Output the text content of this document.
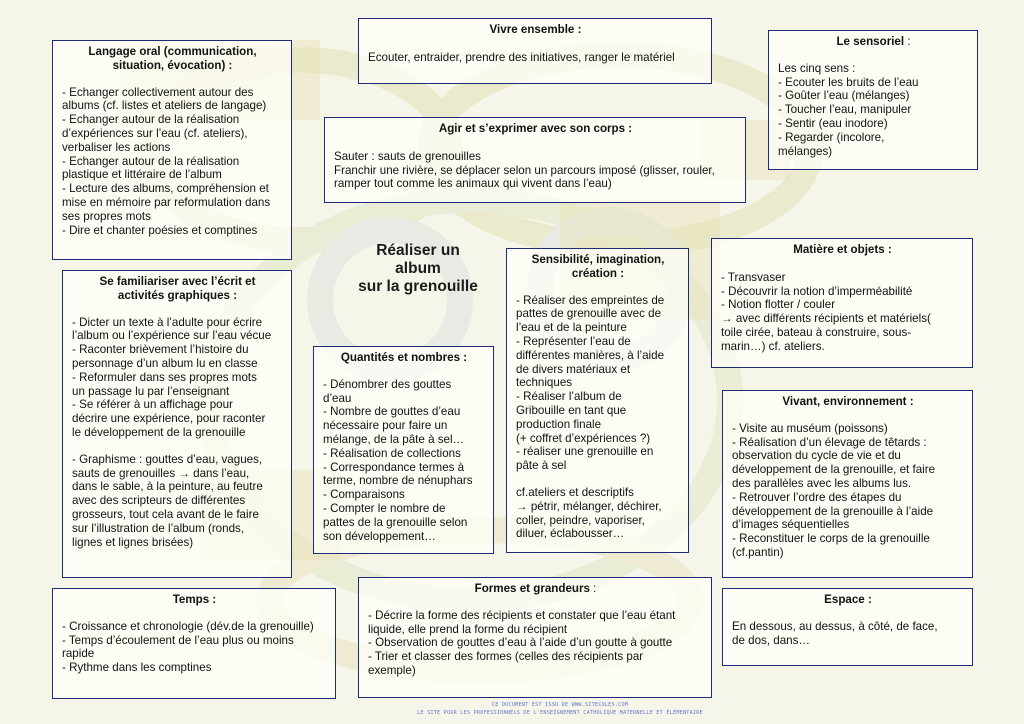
Langage oral (communication,
situation, évocation) :
- Echanger collectivement autour des
albums (cf. listes et ateliers de langage)
- Echanger autour de la réalisation
d’expériences sur l’eau (cf. ateliers),
verbaliser les actions
- Echanger autour de la réalisation
plastique et littéraire de l’album
- Lecture des albums, compréhension et
mise en mémoire par reformulation dans
ses propres mots
- Dire et chanter poésies et comptines
Vivre ensemble :
Ecouter, entraider, prendre des initiatives, ranger le matériel
Le sensoriel :
Les cinq sens :
- Ecouter les bruits de l’eau
- Goûter l’eau (mélanges)
- Toucher l’eau, manipuler
- Sentir (eau inodore)
- Regarder (incolore,
mélanges)
Agir et s’exprimer avec son corps :
Sauter : sauts de grenouilles
Franchir une rivière, se déplacer selon un parcours imposé (glisser, rouler,
ramper tout comme les animaux qui vivent dans l’eau)
Réaliser un
album
sur la grenouille
Se familiariser avec l’écrit et
activités graphiques :
- Dicter un texte à l’adulte pour écrire
l’album ou l’expérience sur l’eau vécue
- Raconter brièvement l’histoire du
personnage d’un album lu en classe
- Reformuler dans ses propres mots
un passage lu par l’enseignant
- Se référer à un affichage pour
décrire une expérience, pour raconter
le développement de la grenouille
- Graphisme : gouttes d’eau, vagues,
sauts de grenouilles → dans l’eau,
dans le sable, à la peinture, au feutre
avec des scripteurs de différentes
grosseurs, tout cela avant de le faire
sur l’illustration de l’album (ronds,
lignes et lignes brisées)
Quantités et nombres :
- Dénombrer des gouttes
d’eau
- Nombre de gouttes d’eau
nécessaire pour faire un
mélange, de la pâte à sel…
- Réalisation de collections
- Correspondance termes à
terme, nombre de nénuphars
- Comparaisons
- Compter le nombre de
pattes de la grenouille selon
son développement…
Sensibilité, imagination,
création :
- Réaliser des empreintes de
pattes de grenouille avec de
l’eau et de la peinture
- Représenter l’eau de
différentes manières, à l’aide
de divers matériaux et
techniques
- Réaliser l’album de
Gribouille en tant que
production finale
(+ coffret d’expériences ?)
- réaliser une grenouille en
pâte à sel
cf.ateliers et descriptifs
→ pétrir, mélanger, déchirer,
coller, peindre, vaporiser,
diluer, éclabousser…
Matière et objets :
- Transvaser
- Découvrir la notion d’imperméabilité
- Notion flotter / couler
→ avec différents récipients et matériels(
toile cirée, bateau à construire, sous-
marin…) cf. ateliers.
Vivant, environnement :
- Visite au muséum (poissons)
- Réalisation d’un élevage de têtards :
observation du cycle de vie et du
développement de la grenouille, et faire
des parallèles avec les albums lus.
- Retrouver l’ordre des étapes du
développement de la grenouille à l’aide
d’images séquentielles
- Reconstituer le corps de la grenouille
(cf.pantin)
Temps :
- Croissance et chronologie (dév.de la grenouille)
- Temps d’écoulement de l’eau plus ou moins
rapide
- Rythme dans les comptines
Formes et grandeurs :
- Décrire la forme des récipients et constater que l’eau étant
liquide, elle prend la forme du récipient
- Observation de gouttes d’eau à l’aide d’un goutte à goutte
- Trier et classer des formes (celles des récipients par
exemple)
Espace :
En dessous, au dessus, à côté, de face,
de dos, dans…
CE DOCUMENT EST ISSU DE WWW.SITECOLES.COM
LE SITE POUR LES PROFESSIONNELS DE L'ENSEIGNEMENT CATHOLIQUE MATERNELLE ET ÉLÉMENTAIRE
